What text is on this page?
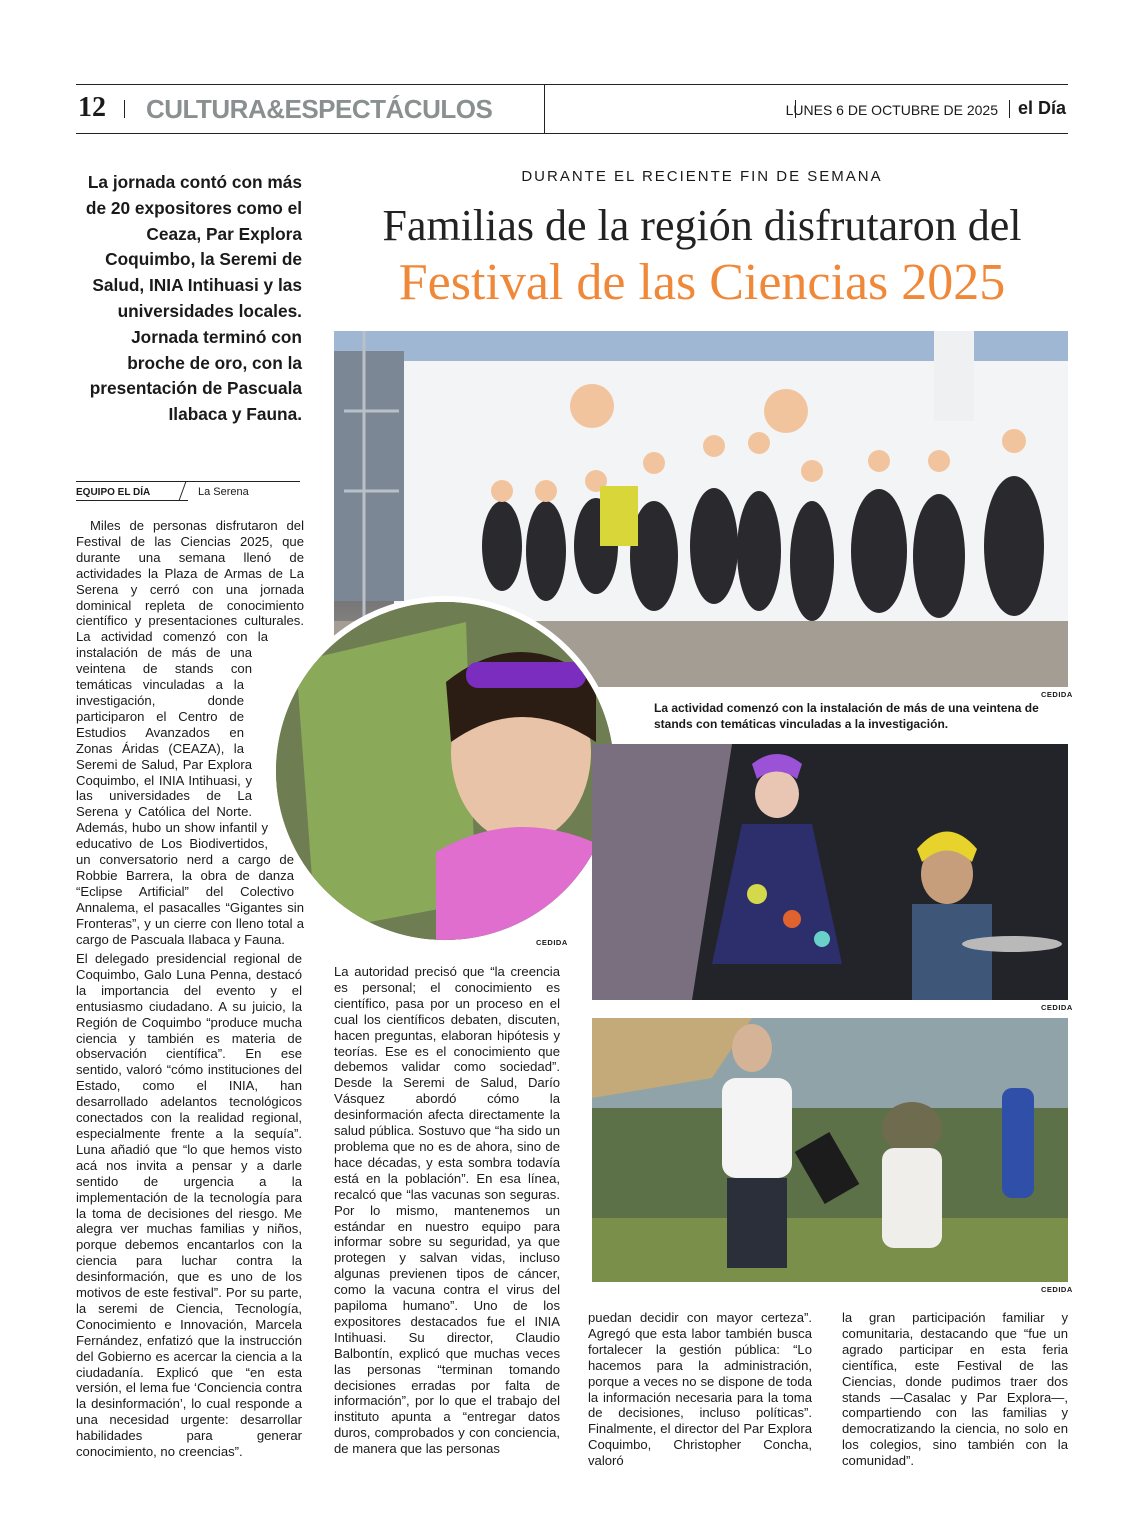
12 CULTURA&ESPECTÁCULOS	LUNES 6 DE OCTUBRE DE 2025 el Día
La jornada contó con más de 20 expositores como el Ceaza, Par Explora Coquimbo, la Seremi de Salud, INIA Intihuasi y las universidades locales. Jornada terminó con broche de oro, con la presentación de Pascuala Ilabaca y Fauna.
EQUIPO EL DÍA	La Serena
DURANTE EL RECIENTE FIN DE SEMANA
Familias de la región disfrutaron del
Festival de las Ciencias 2025
CEDIDA
La actividad comenzó con la instalación de más de una veintena de stands con temáticas vinculadas a la investigación.
CEDIDA
CEDIDA
CEDIDA

Miles de personas disfrutaron del Festival de las Ciencias 2025, que durante una semana llenó de actividades la Plaza de Armas de La Serena y cerró con una jornada dominical repleta de conocimiento científico y presentaciones culturales. La actividad comenzó con la instalación de más de una veintena de stands con temáticas vinculadas a la investigación, donde participaron el Centro de Estudios Avanzados en Zonas Áridas (CEAZA), la Seremi de Salud, Par Explora Coquimbo, el INIA Intihuasi, y las universidades de La Serena y Católica del Norte. Además, hubo un show infantil y educativo de Los Biodivertidos, un conversatorio nerd a cargo de Robbie Barrera, la obra de danza “Eclipse Artificial” del Colectivo Annalema, el pasacalles “Gigantes sin Fronteras”, y un cierre con lleno total a cargo de Pascuala Ilabaca y Fauna.

El delegado presidencial regional de Coquimbo, Galo Luna Penna, destacó la importancia del evento y el entusiasmo ciudadano. A su juicio, la Región de Coquimbo “produce mucha ciencia y también es materia de observación científica”. En ese sentido, valoró “cómo instituciones del Estado, como el INIA, han desarrollado adelantos tecnológicos conectados con la realidad regional, especialmente frente a la sequía”. Luna añadió que “lo que hemos visto acá nos invita a pensar y a darle sentido de urgencia a la implementación de la tecnología para la toma de decisiones del riesgo. Me alegra ver muchas familias y niños, porque debemos encantarlos con la ciencia para luchar contra la desinformación, que es uno de los motivos de este festival”. Por su parte, la seremi de Ciencia, Tecnología, Conocimiento e Innovación, Marcela Fernández, enfatizó que la instrucción del Gobierno es acercar la ciencia a la ciudadanía. Explicó que “en esta versión, el lema fue ‘Conciencia contra la desinformación’, lo cual responde a una necesidad urgente: desarrollar habilidades para generar conocimiento, no creencias”.

La autoridad precisó que “la creencia es personal; el conocimiento es científico, pasa por un proceso en el cual los científicos debaten, discuten, hacen preguntas, elaboran hipótesis y teorías. Ese es el conocimiento que debemos validar como sociedad”. Desde la Seremi de Salud, Darío Vásquez abordó cómo la desinformación afecta directamente la salud pública. Sostuvo que “ha sido un problema que no es de ahora, sino de hace décadas, y esta sombra todavía está en la población”. En esa línea, recalcó que “las vacunas son seguras. Por lo mismo, mantenemos un estándar en nuestro equipo para informar sobre su seguridad, ya que protegen y salvan vidas, incluso algunas previenen tipos de cáncer, como la vacuna contra el virus del papiloma humano”. Uno de los expositores destacados fue el INIA Intihuasi. Su director, Claudio Balbontín, explicó que muchas veces las personas “terminan tomando decisiones erradas por falta de información”, por lo que el trabajo del instituto apunta a “entregar datos duros, comprobados y con conciencia, de manera que las personas

puedan decidir con mayor certeza”. Agregó que esta labor también busca fortalecer la gestión pública: “Lo hacemos para la administración, porque a veces no se dispone de toda la información necesaria para la toma de decisiones, incluso políticas”. Finalmente, el director del Par Explora Coquimbo, Christopher Concha, valoró

la gran participación familiar y comunitaria, destacando que “fue un agrado participar en esta feria científica, este Festival de las Ciencias, donde pudimos traer dos stands —Casalac y Par Explora—, compartiendo con las familias y democratizando la ciencia, no solo en los colegios, sino también con la comunidad”.
